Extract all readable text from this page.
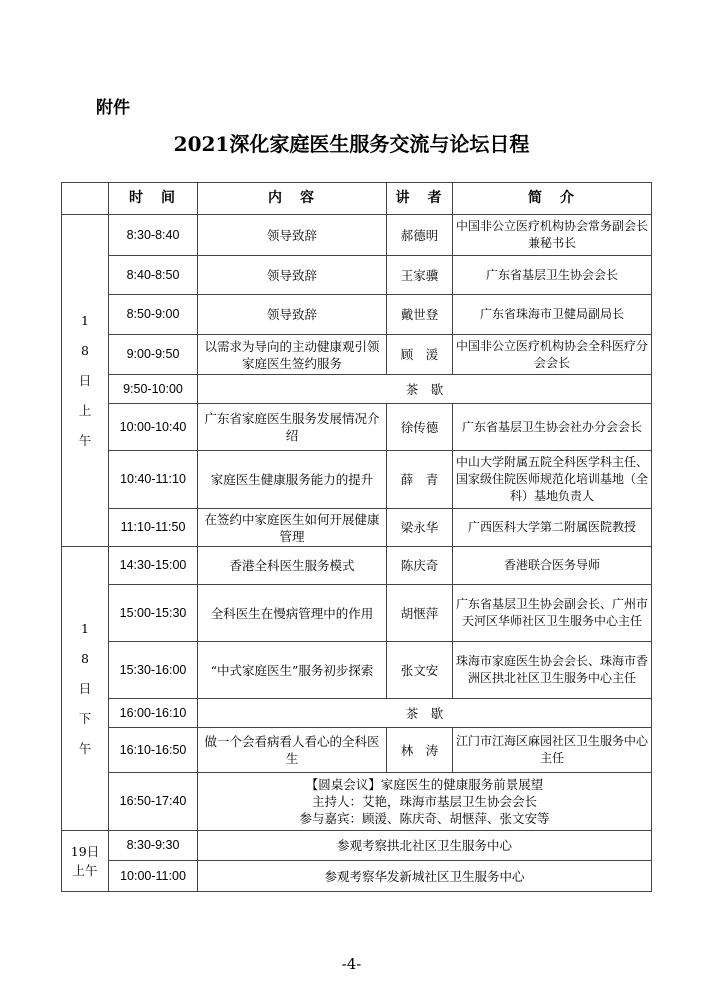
附件
2021深化家庭医生服务交流与论坛日程
	时　间	内　容	讲　者	简　介

18日上午	8:30-8:40	领导致辞	郝德明	中国非公立医疗机构协会常务副会长兼秘书长
	8:40-8:50	领导致辞	王家骥	广东省基层卫生协会会长
	8:50-9:00	领导致辞	戴世登	广东省珠海市卫健局副局长
	9:00-9:50	以需求为导向的主动健康观引领家庭医生签约服务	顾　湲	中国非公立医疗机构协会全科医疗分会会长
	9:50-10:00	茶　歇		
	10:00-10:40	广东省家庭医生服务发展情况介绍	徐传德	广东省基层卫生协会社办分会会长
	10:40-11:10	家庭医生健康服务能力的提升	薛　青	中山大学附属五院全科医学科主任、国家级住院医师规范化培训基地（全科）基地负责人
	11:10-11:50	在签约中家庭医生如何开展健康管理	梁永华	广西医科大学第二附属医院教授

18日下午	14:30-15:00	香港全科医生服务模式	陈庆奇	香港联合医务导师
	15:00-15:30	全科医生在慢病管理中的作用	胡惬萍	广东省基层卫生协会副会长、广州市天河区华师社区卫生服务中心主任
	15:30-16:00	“中式家庭医生”服务初步探索	张文安	珠海市家庭医生协会会长、珠海市香洲区拱北社区卫生服务中心主任
	16:00-16:10	茶　歇		
	16:10-16:50	做一个会看病看人看心的全科医生	林　涛	江门市江海区麻园社区卫生服务中心主任
	16:50-17:40	【圆桌会议】家庭医生的健康服务前景展望
主持人：艾艳，珠海市基层卫生协会会长
参与嘉宾：顾湲、陈庆奇、胡惬萍、张文安等		

19日上午	8:30-9:30	参观考察拱北社区卫生服务中心		
	10:00-11:00	参观考察华发新城社区卫生服务中心		
-4-
